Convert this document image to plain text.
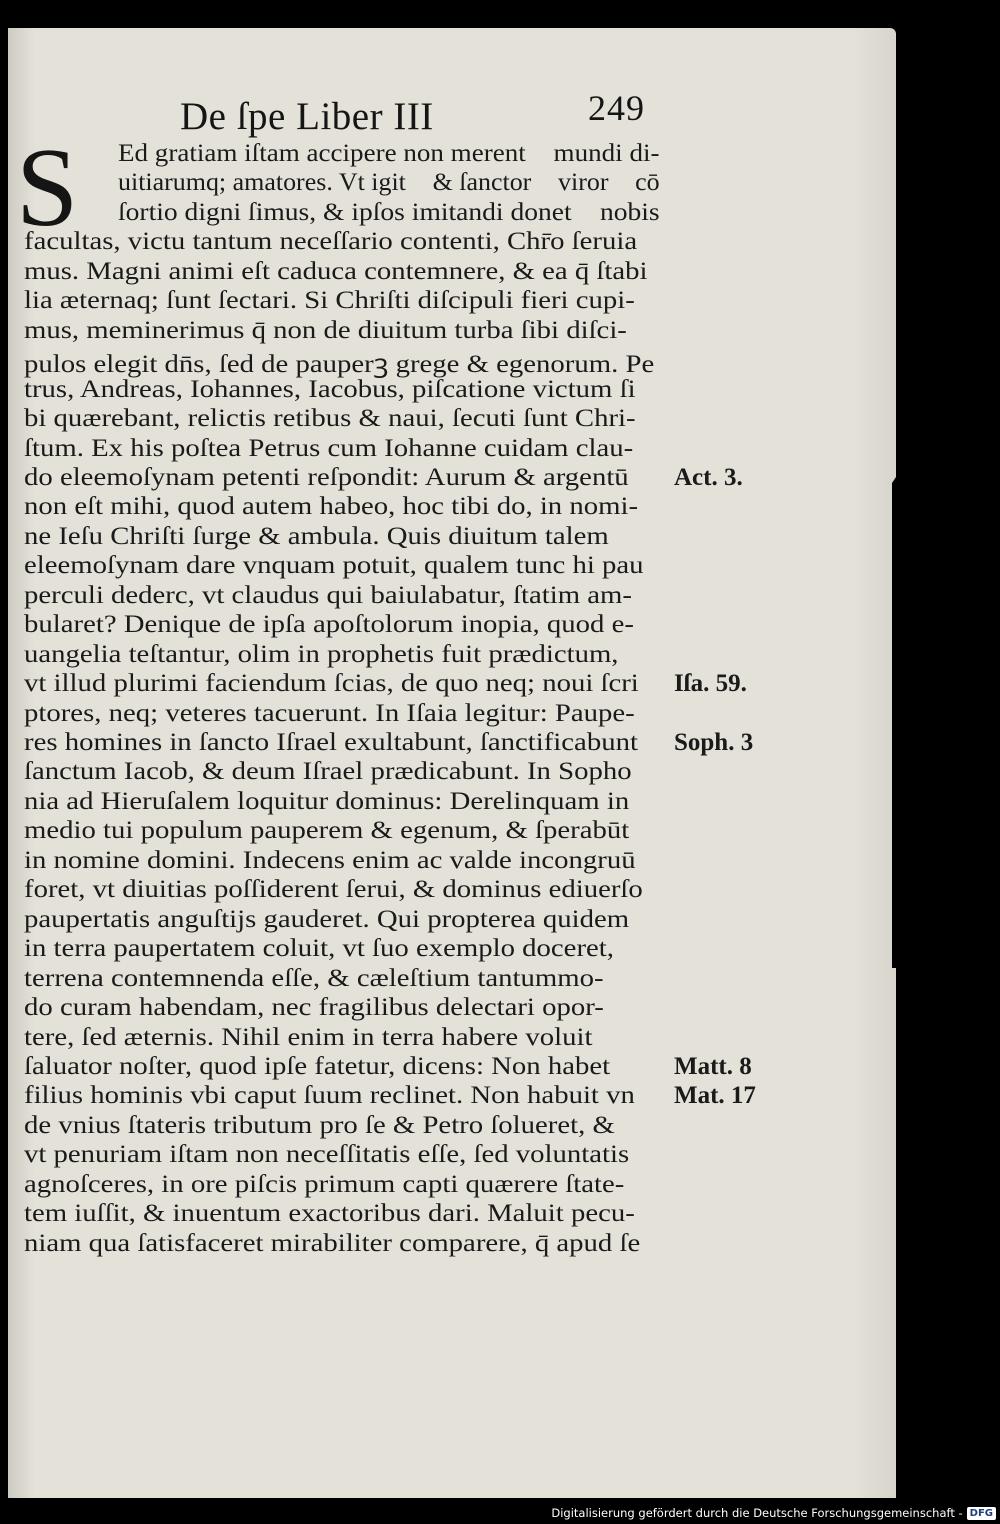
De ſpe Liber III	249
S Ed gratiam iſtam accipere non merentᷓ mundi di-
uitiarumq; amatores. Vt igitᷓ & ſanctorꝫ virorꝫ cō
ſortio digni ſimus, & ipſos imitandi donetᷓ nobis
facultas, victu tantum neceſſario contenti, Chr̄o ſeruia
mus. Magni animi eſt caduca contemnere, & ea q̄ ſtabi
lia æternaq; ſunt ſectari. Si Chriſti diſcipuli fieri cupi-
mus, meminerimus q̄ non de diuitum turba ſibi diſci-
pulos elegit dn̄s, ſed de pauperꝫ grege & egenorum. Pe
trus, Andreas, Iohannes, Iacobus, piſcatione victum ſi
bi quærebant, relictis retibus & naui, ſecuti ſunt Chri-
ſtum. Ex his poſtea Petrus cum Iohanne cuidam clau-
do eleemoſynam petenti reſpondit: Aurum & argentū
non eſt mihi, quod autem habeo, hoc tibi do, in nomi-
ne Ieſu Chriſti ſurge & ambula. Quis diuitum talem
eleemoſynam dare vnquam potuit, qualem tunc hi pau
perculi dederc, vt claudus qui baiulabatur, ſtatim am-
bularet? Denique de ipſa apoſtolorum inopia, quod e-
uangelia teſtantur, olim in prophetis fuit prædictum,
vt illud plurimi faciendum ſcias, de quo neq; noui ſcri
ptores, neq; veteres tacuerunt. In Iſaia legitur: Paupe-
res homines in ſancto Iſrael exultabunt, ſanctificabunt
ſanctum Iacob, & deum Iſrael prædicabunt. In Sopho
nia ad Hieruſalem loquitur dominus: Derelinquam in
medio tui populum pauperem & egenum, & ſperabūt
in nomine domini. Indecens enim ac valde incongruū
foret, vt diuitias poſſiderent ſerui, & dominus ediuerſo
paupertatis anguſtijs gauderet. Qui propterea quidem
in terra paupertatem coluit, vt ſuo exemplo doceret,
terrena contemnenda eſſe, & cæleſtium tantummo-
do curam habendam, nec fragilibus delectari opor-
tere, ſed æternis. Nihil enim in terra habere voluit
ſaluator noſter, quod ipſe fatetur, dicens: Non habet
filius hominis vbi caput ſuum reclinet. Non habuit vn
de vnius ſtateris tributum pro ſe & Petro ſolueret, &
vt penuriam iſtam non neceſſitatis eſſe, ſed voluntatis
agnoſceres, in ore piſcis primum capti quærere ſtate-
tem iuſſit, & inuentum exactoribus dari. Maluit pecu-
niam qua ſatisfaceret mirabiliter comparere, q̄ apud ſe
Act. 3.
Iſa. 59.
Soph. 3
Matt. 8
Mat. 17
Digitalisierung gefördert durch die Deutsche Forschungsgemeinschaft - DFG
